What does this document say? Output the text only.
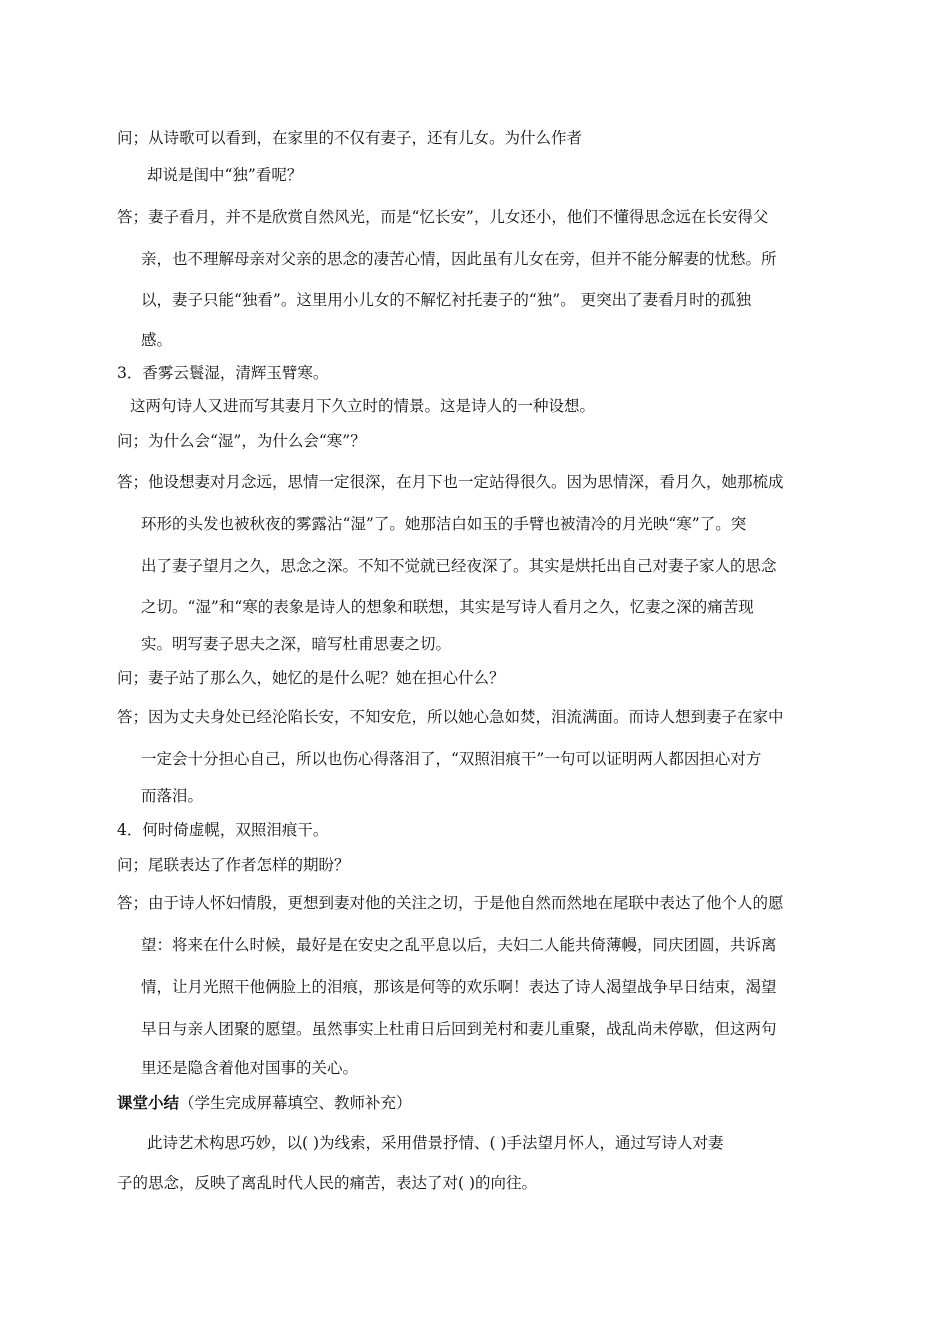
问；从诗歌可以看到，在家里的不仅有妻子，还有儿女。为什么作者
却说是闺中“独”看呢？
答；妻子看月，并不是欣赏自然风光，而是“忆长安”，儿女还小，他们不懂得思念远在长安得父
亲，也不理解母亲对父亲的思念的凄苦心情，因此虽有儿女在旁，但并不能分解妻的忧愁。所
以，妻子只能“独看”。这里用小儿女的不解忆衬托妻子的“独”。 更突出了妻看月时的孤独
感。
3．香雾云鬟湿，清辉玉臂寒。
这两句诗人又进而写其妻月下久立时的情景。这是诗人的一种设想。
问；为什么会“湿”，为什么会“寒”？
答；他设想妻对月念远，思情一定很深，在月下也一定站得很久。因为思情深，看月久，她那梳成
环形的头发也被秋夜的雾露沾“湿”了。她那洁白如玉的手臂也被清冷的月光映“寒”了。突
出了妻子望月之久，思念之深。不知不觉就已经夜深了。其实是烘托出自己对妻子家人的思念
之切。“湿”和“寒的表象是诗人的想象和联想，其实是写诗人看月之久，忆妻之深的痛苦现
实。明写妻子思夫之深，暗写杜甫思妻之切。
问；妻子站了那么久，她忆的是什么呢？她在担心什么？
答；因为丈夫身处已经沦陷长安，不知安危，所以她心急如焚，泪流满面。而诗人想到妻子在家中
一定会十分担心自己，所以也伤心得落泪了，“双照泪痕干”一句可以证明两人都因担心对方
而落泪。
4．何时倚虚幌，双照泪痕干。
问；尾联表达了作者怎样的期盼？
答；由于诗人怀妇情殷，更想到妻对他的关注之切，于是他自然而然地在尾联中表达了他个人的愿
望：将来在什么时候，最好是在安史之乱平息以后，夫妇二人能共倚薄幔，同庆团圆，共诉离
情，让月光照干他俩脸上的泪痕，那该是何等的欢乐啊！表达了诗人渴望战争早日结束，渴望
早日与亲人团聚的愿望。虽然事实上杜甫日后回到羌村和妻儿重聚，战乱尚未停歇，但这两句
里还是隐含着他对国事的关心。
课堂小结（学生完成屏幕填空、教师补充）
此诗艺术构思巧妙，以( )为线索，采用借景抒情、( )手法望月怀人，通过写诗人对妻
子的思念，反映了离乱时代人民的痛苦，表达了对( )的向往。
